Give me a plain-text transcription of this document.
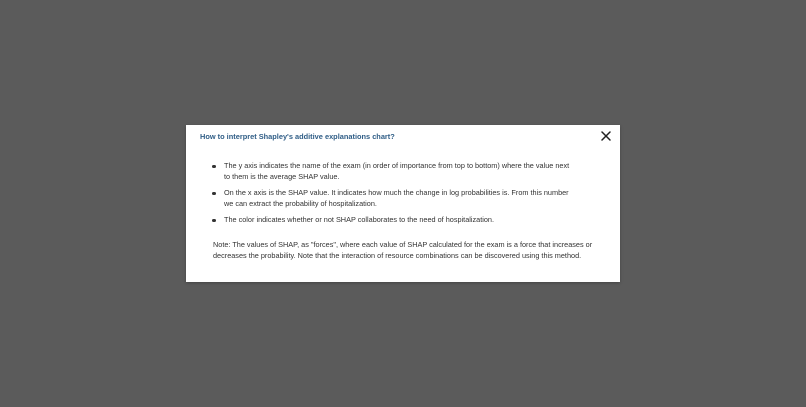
How to interpret Shapley's additive explanations chart?
The y axis indicates the name of the exam (in order of importance from top to bottom) where the value next to them is the average SHAP value.
On the x axis is the SHAP value. It indicates how much the change in log probabilities is. From this number we can extract the probability of hospitalization.
The color indicates whether or not SHAP collaborates to the need of hospitalization.
Note: The values of SHAP, as "forces", where each value of SHAP calculated for the exam is a force that increases or decreases the probability. Note that the interaction of resource combinations can be discovered using this method.
